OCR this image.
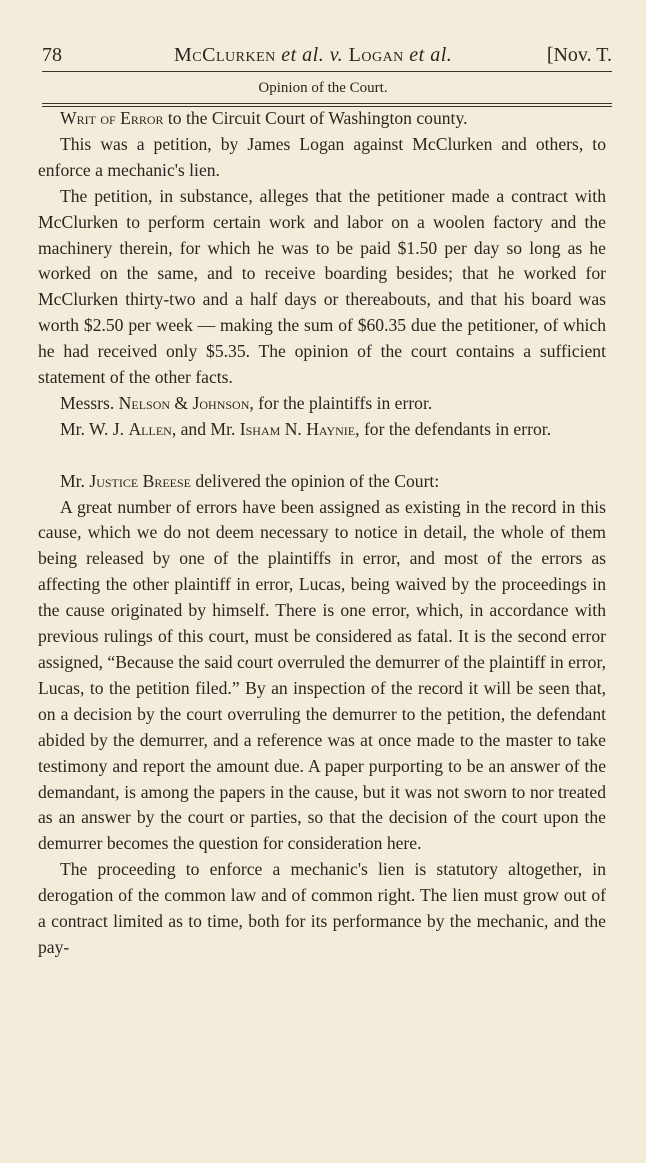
78	McClurken et al. v. Logan et al.	[Nov. T.
Opinion of the Court.

Writ of Error to the Circuit Court of Washington county.

This was a petition, by James Logan against McClurken and others, to enforce a mechanic's lien.

The petition, in substance, alleges that the petitioner made a contract with McClurken to perform certain work and labor on a woolen factory and the machinery therein, for which he was to be paid $1.50 per day so long as he worked on the same, and to receive boarding besides; that he worked for McClurken thirty-two and a half days or thereabouts, and that his board was worth $2.50 per week — making the sum of $60.35 due the petitioner, of which he had received only $5.35. The opinion of the court contains a sufficient statement of the other facts.

Messrs. Nelson & Johnson, for the plaintiffs in error.

Mr. W. J. Allen, and Mr. Isham N. Haynie, for the defendants in error.

Mr. Justice Breese delivered the opinion of the Court:

A great number of errors have been assigned as existing in the record in this cause, which we do not deem necessary to notice in detail, the whole of them being released by one of the plaintiffs in error, and most of the errors as affecting the other plaintiff in error, Lucas, being waived by the proceedings in the cause originated by himself. There is one error, which, in accordance with previous rulings of this court, must be considered as fatal. It is the second error assigned, “Because the said court overruled the demurrer of the plaintiff in error, Lucas, to the petition filed.” By an inspection of the record it will be seen that, on a decision by the court overruling the demurrer to the petition, the defendant abided by the demurrer, and a reference was at once made to the master to take testimony and report the amount due. A paper purporting to be an answer of the demandant, is among the papers in the cause, but it was not sworn to nor treated as an answer by the court or parties, so that the decision of the court upon the demurrer becomes the question for consideration here.

The proceeding to enforce a mechanic's lien is statutory altogether, in derogation of the common law and of common right. The lien must grow out of a contract limited as to time, both for its performance by the mechanic, and the pay-
